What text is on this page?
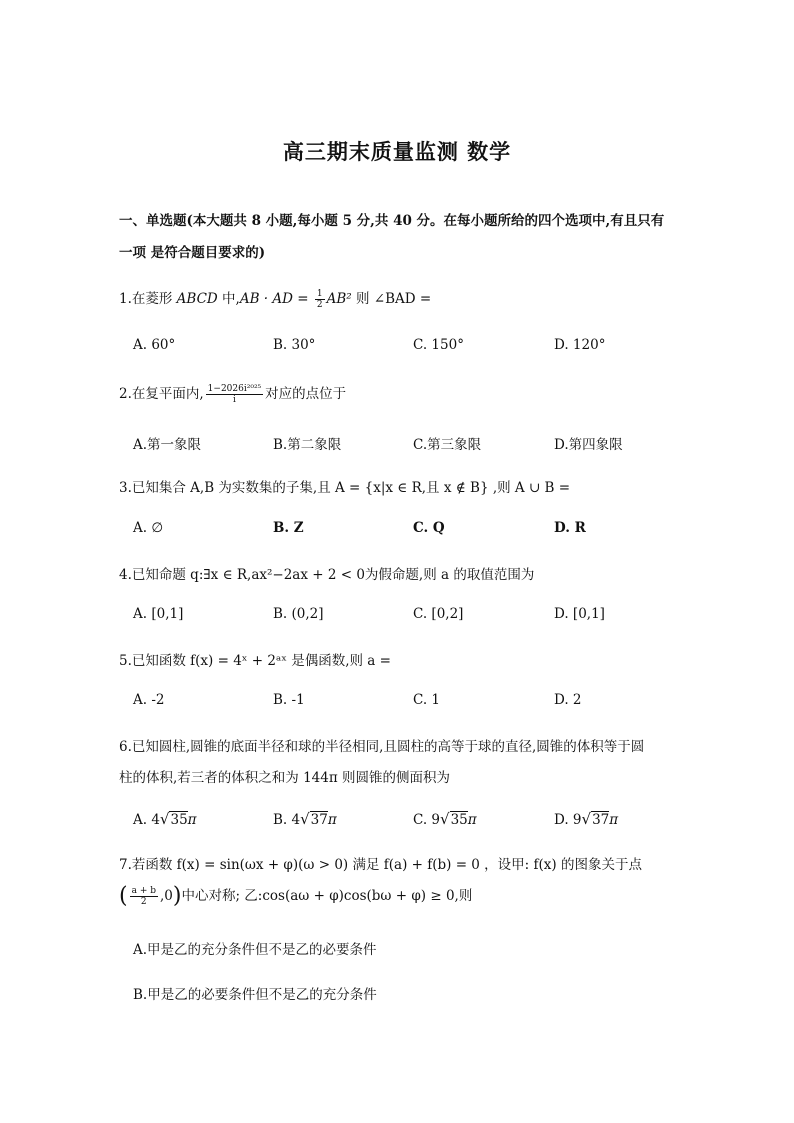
高三期末质量监测 数学
一、单选题(本大题共 8 小题,每小题 5 分,共 40 分。在每小题所给的四个选项中,有且只有
一项 是符合题目要求的)
1.在菱形 ABCD 中,AB · AD = $\frac{1}{2} AB^2$ 则 ∠BAD =
A. 60°	B. 30°	C. 150°	D. 120°
2.在复平面内, $\frac{\text{1−2026i²⁰²⁵}}{i}$ 对应的点位于
A.第一象限	B.第二象限	C.第三象限	D.第四象限
3.已知集合 A,B 为实数集的子集,且 A = {x|x ∈ R,且 x ∉ B} ,则 A ∪ B =
A. ∅	B. Z	C. Q	D. R
4.已知命题 q:∃x ∈ R,ax²−2ax + 2 < 0为假命题,则 a 的取值范围为
A. [0,1]	B. (0,2]	C. [0,2]	D. [0,1]
5.已知函数 f(x) = 4ˣ + 2ᵃˣ 是偶函数,则 a =
A. -2	B. -1	C. 1	D. 2
6.已知圆柱,圆锥的底面半径和球的半径相同,且圆柱的高等于球的直径,圆锥的体积等于圆
柱的体积,若三者的体积之和为 144π 则圆锥的侧面积为
A. 4√35π	B. 4√37π	C. 9√35π	D. 9√37π
7.若函数 f(x) = sin(ωx + φ)(ω > 0) 满足 f(a) + f(b) = 0 ，设甲: f(x) 的图象关于点
( $\frac{a + b}{2} ,0$)中心对称; 乙:cos(aω + φ)cos(bω + φ) ≥ 0,则
A.甲是乙的充分条件但不是乙的必要条件
B.甲是乙的必要条件但不是乙的充分条件
